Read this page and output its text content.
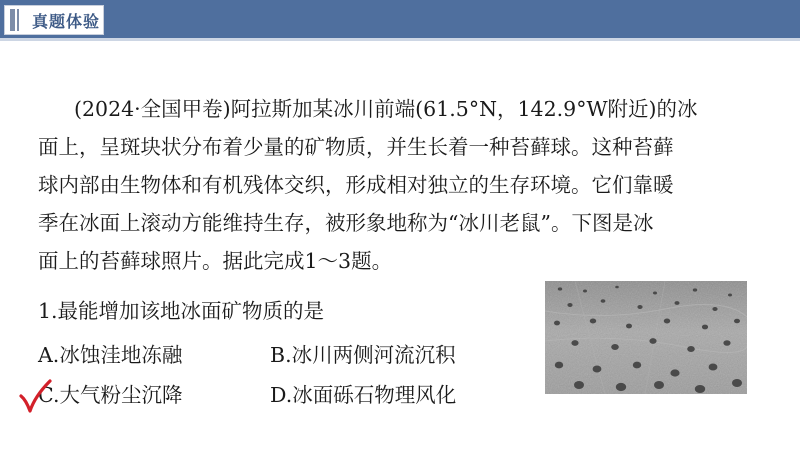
真题体验
(2024·全国甲卷)阿拉斯加某冰川前端(61.5°N，142.9°W附近)的冰
面上，呈斑块状分布着少量的矿物质，并生长着一种苔藓球。这种苔藓
球内部由生物体和有机残体交织，形成相对独立的生存环境。它们靠暖
季在冰面上滚动方能维持生存，被形象地称为“冰川老鼠”。下图是冰
面上的苔藓球照片。据此完成1～3题。
1.最能增加该地冰面矿物质的是
A.冰蚀洼地冻融	B.冰川两侧河流沉积
C.大气粉尘沉降	D.冰面砾石物理风化
